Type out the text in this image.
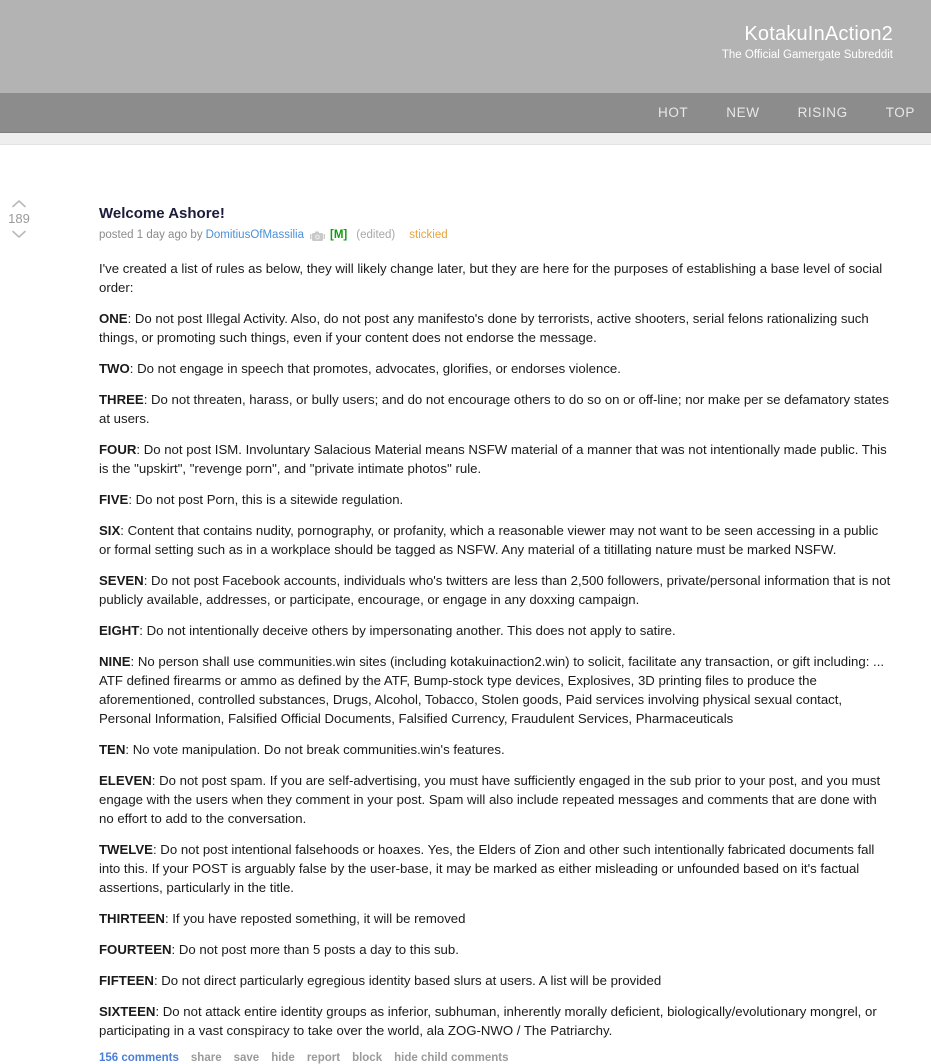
KotakuInAction2
The Official Gamergate Subreddit
HOT	NEW	RISING	TOP
189	Welcome Ashore!
posted 1 day ago by DomitiusOfMassilia [M] (edited) stickied

I've created a list of rules as below, they will likely change later, but they are here for the purposes of establishing a base level of social order:

ONE: Do not post Illegal Activity. Also, do not post any manifesto's done by terrorists, active shooters, serial felons rationalizing such things, or promoting such things, even if your content does not endorse the message.

TWO: Do not engage in speech that promotes, advocates, glorifies, or endorses violence.

THREE: Do not threaten, harass, or bully users; and do not encourage others to do so on or off-line; nor make per se defamatory states at users.

FOUR: Do not post ISM. Involuntary Salacious Material means NSFW material of a manner that was not intentionally made public. This is the "upskirt", "revenge porn", and "private intimate photos" rule.

FIVE: Do not post Porn, this is a sitewide regulation.

SIX: Content that contains nudity, pornography, or profanity, which a reasonable viewer may not want to be seen accessing in a public or formal setting such as in a workplace should be tagged as NSFW. Any material of a titillating nature must be marked NSFW.

SEVEN: Do not post Facebook accounts, individuals who's twitters are less than 2,500 followers, private/personal information that is not publicly available, addresses, or participate, encourage, or engage in any doxxing campaign.

EIGHT: Do not intentionally deceive others by impersonating another. This does not apply to satire.

NINE: No person shall use communities.win sites (including kotakuinaction2.win) to solicit, facilitate any transaction, or gift including: ... ATF defined firearms or ammo as defined by the ATF, Bump-stock type devices, Explosives, 3D printing files to produce the aforementioned, controlled substances, Drugs, Alcohol, Tobacco, Stolen goods, Paid services involving physical sexual contact, Personal Information, Falsified Official Documents, Falsified Currency, Fraudulent Services, Pharmaceuticals

TEN: No vote manipulation. Do not break communities.win's features.

ELEVEN: Do not post spam. If you are self-advertising, you must have sufficiently engaged in the sub prior to your post, and you must engage with the users when they comment in your post. Spam will also include repeated messages and comments that are done with no effort to add to the conversation.

TWELVE: Do not post intentional falsehoods or hoaxes. Yes, the Elders of Zion and other such intentionally fabricated documents fall into this. If your POST is arguably false by the user-base, it may be marked as either misleading or unfounded based on it's factual assertions, particularly in the title.

THIRTEEN: If you have reposted something, it will be removed

FOURTEEN: Do not post more than 5 posts a day to this sub.

FIFTEEN: Do not direct particularly egregious identity based slurs at users. A list will be provided

SIXTEEN: Do not attack entire identity groups as inferior, subhuman, inherently morally deficient, biologically/evolutionary mongrel, or participating in a vast conspiracy to take over the world, ala ZOG-NWO / The Patriarchy.

156 comments share save hide report block hide child comments
